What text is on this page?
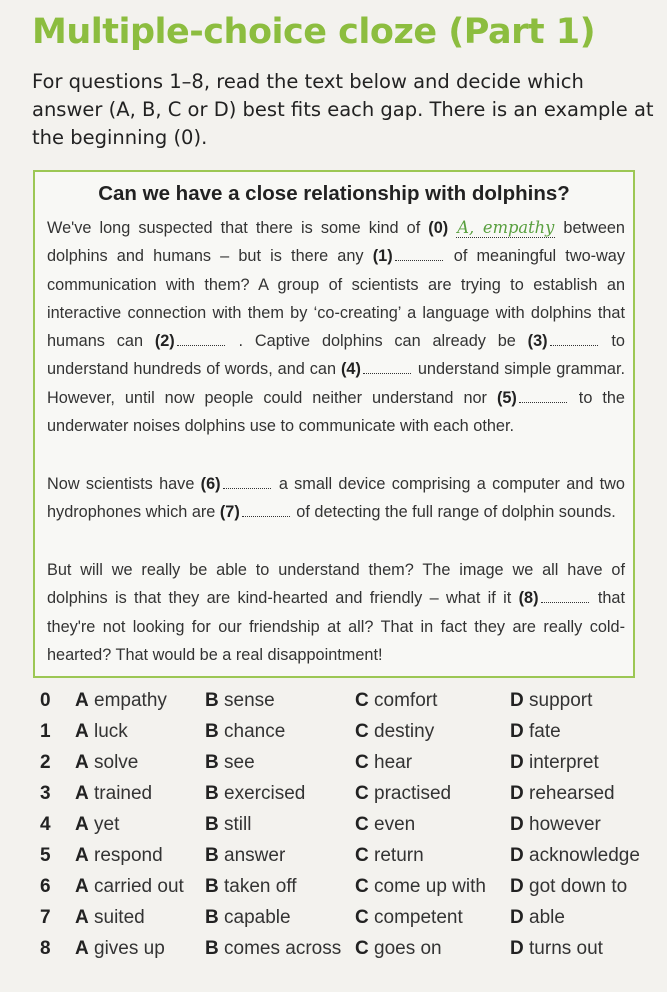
Multiple-choice cloze (Part 1)
For questions 1–8, read the text below and decide which answer (A, B, C or D) best fits each gap. There is an example at the beginning (0).
Can we have a close relationship with dolphins?
We've long suspected that there is some kind of (0) A, empathy between dolphins and humans – but is there any (1)	of meaningful two-way communication with them? A group of scientists are trying to establish an interactive connection with them by ‘co-creating’ a language with dolphins that humans can (2)	. Captive dolphins can already be (3)	to understand hundreds of words, and can (4)	understand simple grammar. However, until now people could neither understand nor (5)	to the underwater noises dolphins use to communicate with each other.
Now scientists have (6)	a small device comprising a computer and two hydrophones which are (7)	of detecting the full range of dolphin sounds.
But will we really be able to understand them? The image we all have of dolphins is that they are kind-hearted and friendly – what if it (8)	that they're not looking for our friendship at all? That in fact they are really cold-hearted? That would be a real disappointment!
0 A empathy B sense	C comfort	D support
1 A luck	B chance	C destiny	D fate
2 A solve	B see	C hear	D interpret
3 A trained	B exercised	C practised	D rehearsed
4 A yet	B still	C even	D however
5 A respond B answer	C return	D acknowledge
6 A carried out B taken off	C come up with D got down to
7 A suited	B capable	C competent D able
8 A gives up B comes across C goes on	D turns out
